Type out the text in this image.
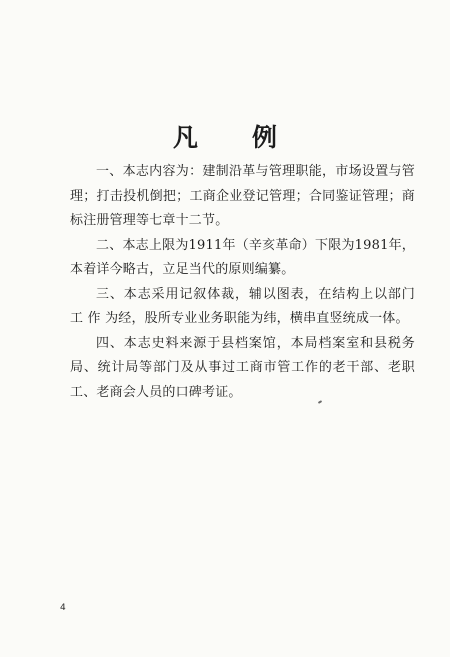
凡 例

一、本志内容为：建制沿革与管理职能，市场设置与管理；打击投机倒把；工商企业登记管理；合同鉴证管理；商标注册管理等七章十二节。

二、本志上限为1911年（辛亥革命）下限为1981年，本着详今略古，立足当代的原则编纂。

三、本志采用记叙体裁，辅以图表，在结构上以部门 工 作 为经，股所专业业务职能为纬，横串直竖统成一体。

四、本志史料来源于县档案馆，本局档案室和县税务局、统计局等部门及从事过工商市管工作的老干部、老职工、老商会人员的口碑考证。

4
